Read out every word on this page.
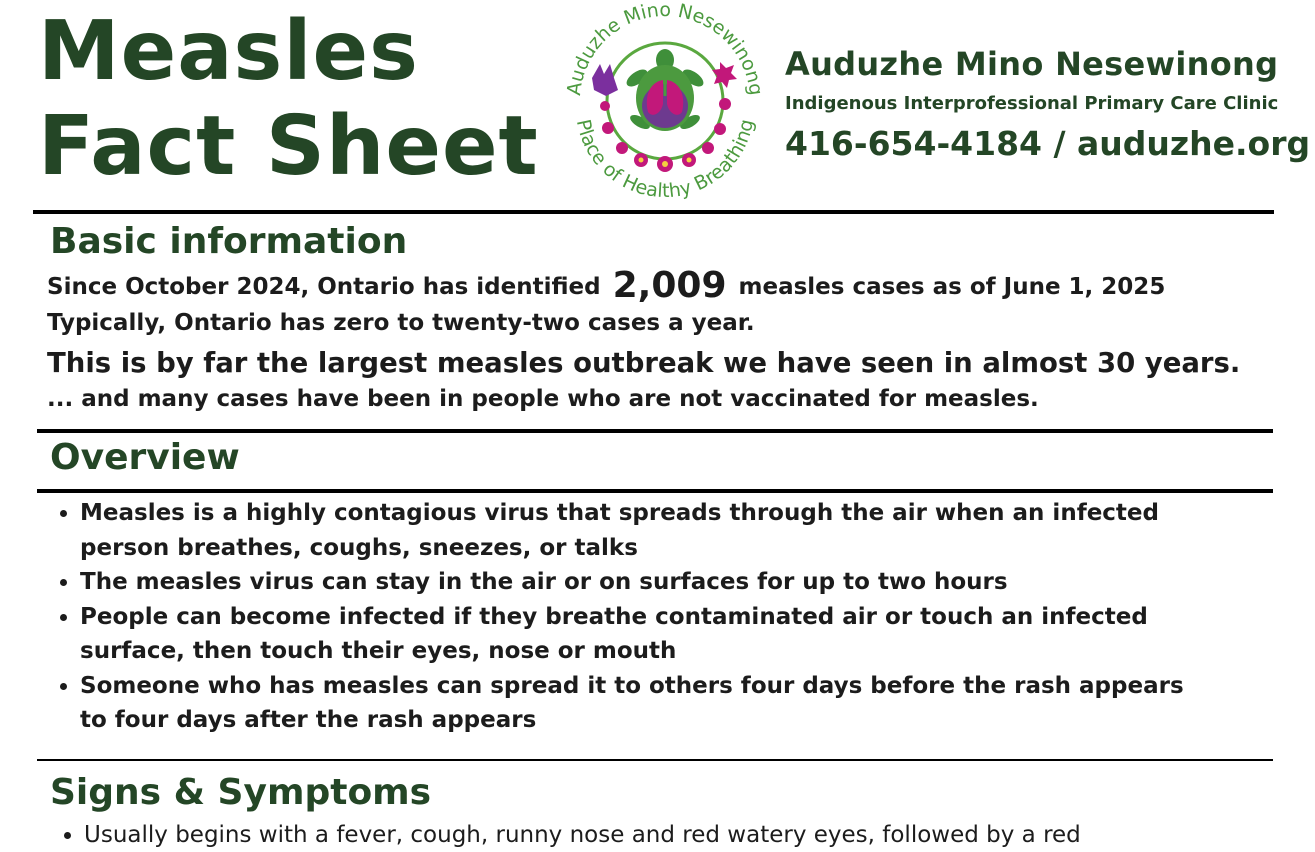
Measles
Fact Sheet
Auduzhe Mino Nesewinong
Place of Healthy Breathing
Auduzhe Mino Nesewinong
Indigenous Interprofessional Primary Care Clinic
416-654-4184 / auduzhe.org
Basic information
Since October 2024, Ontario has identified 2,009 measles cases as of June 1, 2025
Typically, Ontario has zero to twenty-two cases a year.
This is by far the largest measles outbreak we have seen in almost 30 years.
... and many cases have been in people who are not vaccinated for measles.
Overview
• Measles is a highly contagious virus that spreads through the air when an infected person breathes, coughs, sneezes, or talks
• The measles virus can stay in the air or on surfaces for up to two hours
• People can become infected if they breathe contaminated air or touch an infected surface, then touch their eyes, nose or mouth
• Someone who has measles can spread it to others four days before the rash appears to four days after the rash appears
Signs & Symptoms
• Usually begins with a fever, cough, runny nose and red watery eyes, followed by a red
